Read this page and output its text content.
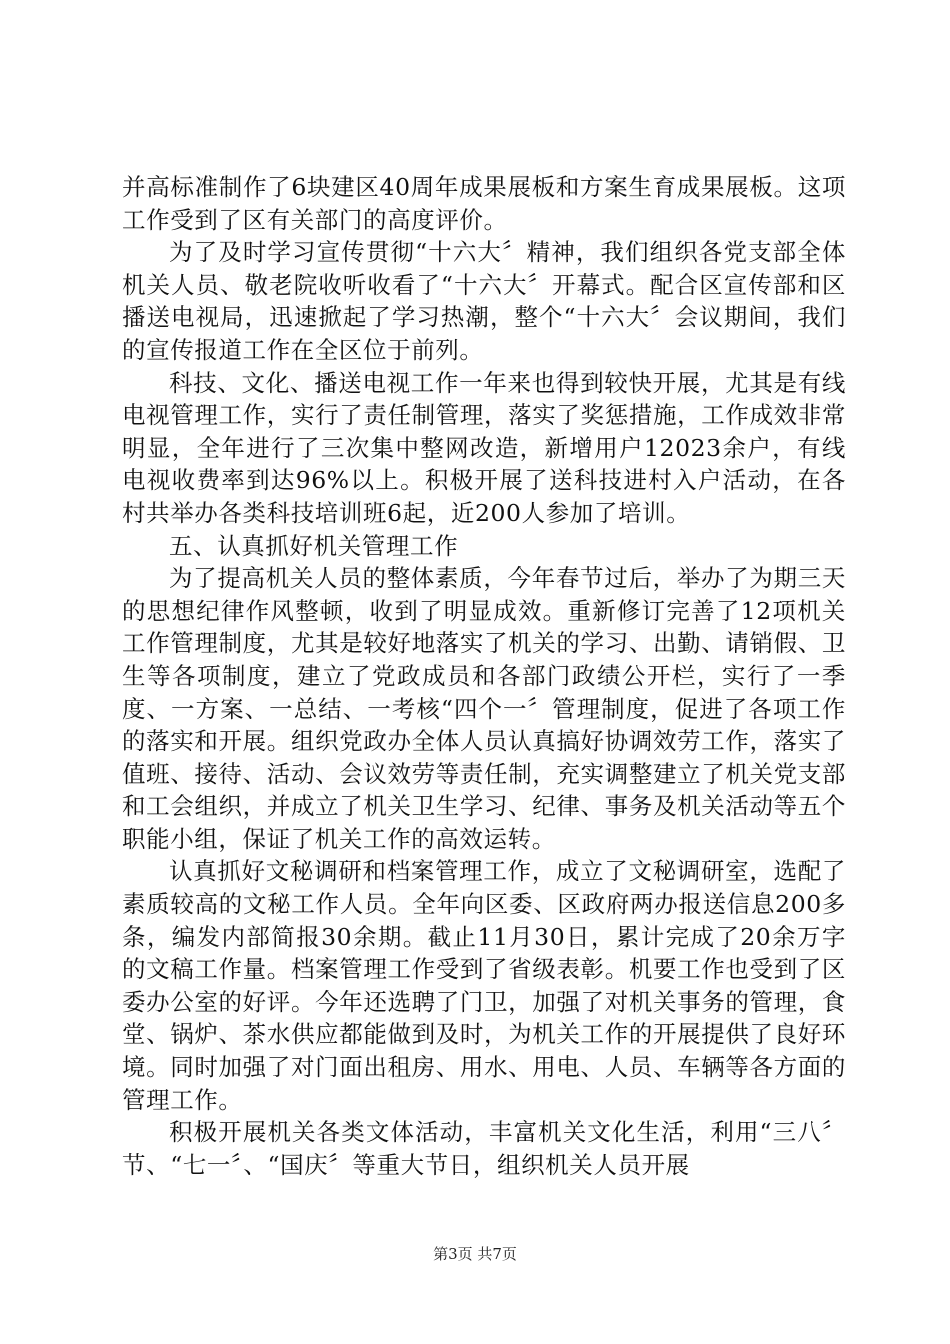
并高标准制作了6块建区40周年成果展板和方案生育成果展板。这项工作受到了区有关部门的高度评价。

为了及时学习宣传贯彻“十六大〞精神，我们组织各党支部全体机关人员、敬老院收听收看了“十六大〞开幕式。配合区宣传部和区播送电视局，迅速掀起了学习热潮，整个“十六大〞会议期间，我们的宣传报道工作在全区位于前列。

科技、文化、播送电视工作一年来也得到较快开展，尤其是有线电视管理工作，实行了责任制管理，落实了奖惩措施，工作成效非常明显，全年进行了三次集中整网改造，新增用户12023余户，有线电视收费率到达96%以上。积极开展了送科技进村入户活动，在各村共举办各类科技培训班6起，近200人参加了培训。

五、认真抓好机关管理工作

为了提高机关人员的整体素质，今年春节过后，举办了为期三天的思想纪律作风整顿，收到了明显成效。重新修订完善了12项机关工作管理制度，尤其是较好地落实了机关的学习、出勤、请销假、卫生等各项制度，建立了党政成员和各部门政绩公开栏，实行了一季度、一方案、一总结、一考核“四个一〞管理制度，促进了各项工作的落实和开展。组织党政办全体人员认真搞好协调效劳工作，落实了值班、接待、活动、会议效劳等责任制，充实调整建立了机关党支部和工会组织，并成立了机关卫生学习、纪律、事务及机关活动等五个职能小组，保证了机关工作的高效运转。

认真抓好文秘调研和档案管理工作，成立了文秘调研室，选配了素质较高的文秘工作人员。全年向区委、区政府两办报送信息200多条，编发内部简报30余期。截止11月30日，累计完成了20余万字的文稿工作量。档案管理工作受到了省级表彰。机要工作也受到了区委办公室的好评。今年还选聘了门卫，加强了对机关事务的管理，食堂、锅炉、茶水供应都能做到及时，为机关工作的开展提供了良好环境。同时加强了对门面出租房、用水、用电、人员、车辆等各方面的管理工作。

积极开展机关各类文体活动，丰富机关文化生活，利用“三八〞节、“七一〞、“国庆〞等重大节日，组织机关人员开展

第3页 共7页
